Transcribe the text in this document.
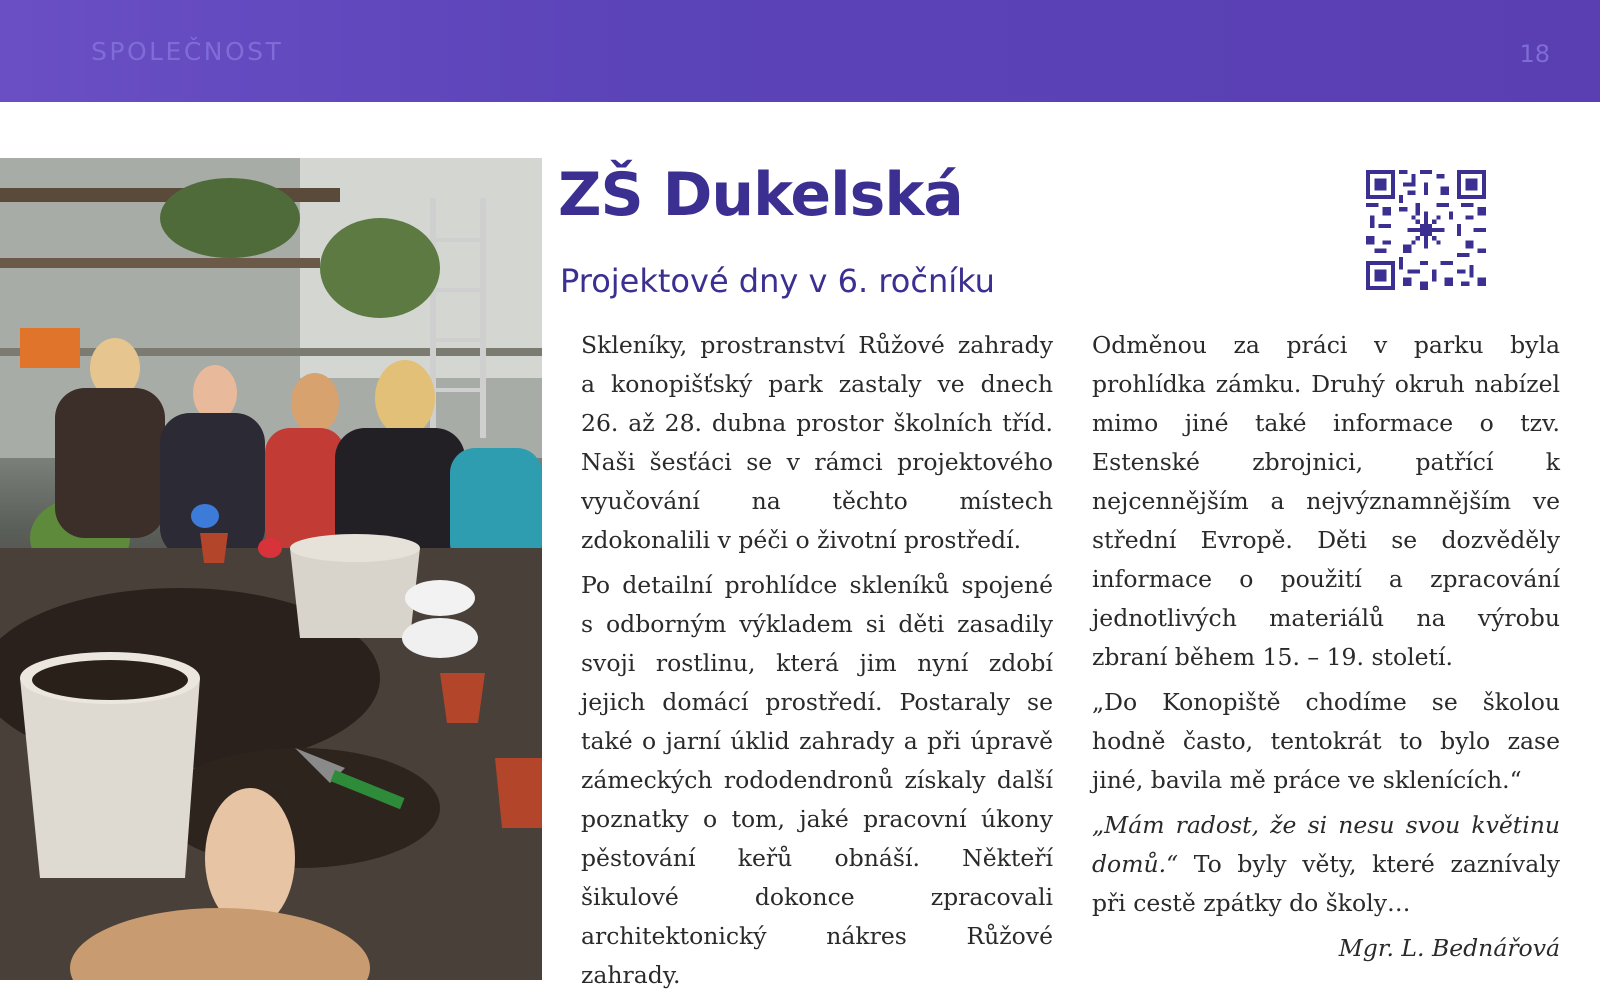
SPOLEČNOST	18
ZŠ Dukelská
Projektové dny v 6. ročníku

Skleníky, prostranství Růžové zahrady a konopišťský park zastaly ve dnech 26. až 28. dubna prostor školních tříd. Naši šesťáci se v rámci projektového vyučování na těchto místech zdokonalili v péči o životní prostředí.

Po detailní prohlídce skleníků spojené s odborným výkladem si děti zasadily svoji rostlinu, která jim nyní zdobí jejich domácí prostředí. Postaraly se také o jarní úklid zahrady a při úpravě zámeckých rododendronů získaly další poznatky o tom, jaké pracovní úkony pěstování keřů obnáší. Někteří šikulové dokonce zpracovali architektonický nákres Růžové zahrady.

Odměnou za práci v parku byla prohlídka zámku. Druhý okruh nabízel mimo jiné také informace o tzv. Estenské zbrojnici, patřící k nejcennějším a nejvýznamnějším ve střední Evropě. Děti se dozvěděly informace o použití a zpracování jednotlivých materiálů na výrobu zbraní během 15. – 19. století.

„Do Konopiště chodíme se školou hodně často, tentokrát to bylo zase jiné, bavila mě práce ve sklenících.“

„Mám radost, že si nesu svou květinu domů.“ To byly věty, které zaznívaly při cestě zpátky do školy…

Mgr. L. Bednářová
